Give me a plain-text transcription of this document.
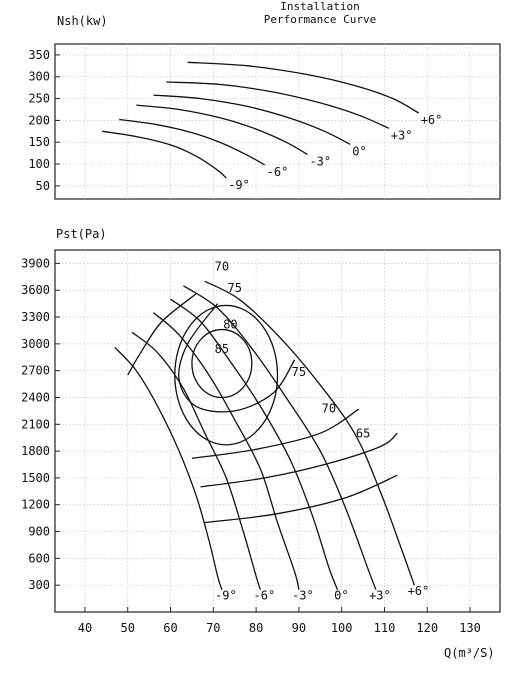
Installation
Performance Curve
Nsh(kw)
Pst(Pa)
Q(m³/S)
50
100
150
200
250
300
350
-9°
-6°
-3°
0°
+3°
+6°
300
600
900
1200
1500
1800
2100
2400
2700
3000
3300
3600
3900
40 50 60 70 80 90 100 110 120 130
-9° -6° -3° 0° +3° +6°
85
80
75
75
70
70
65
